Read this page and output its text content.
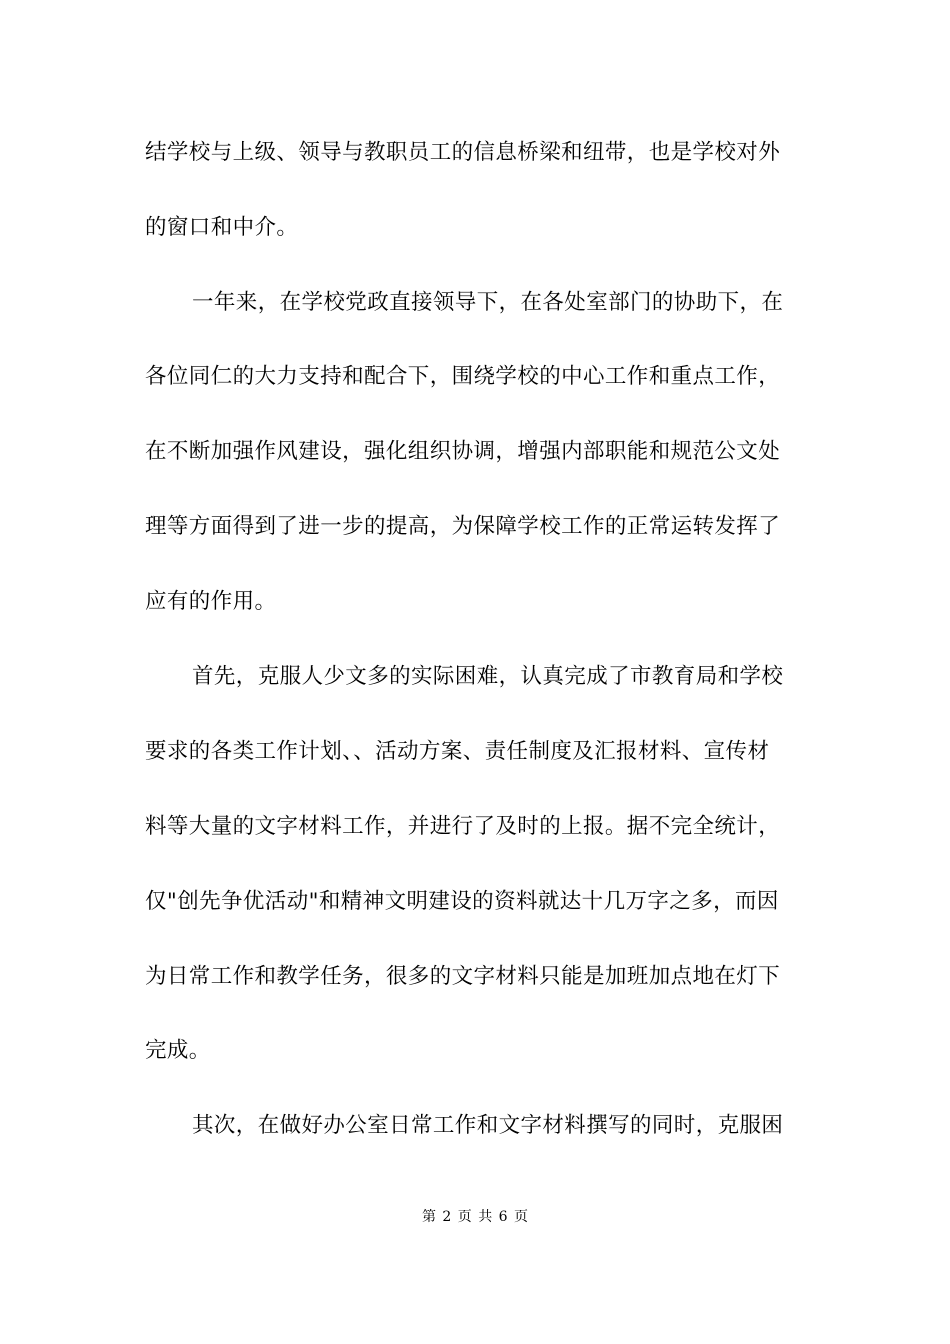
结学校与上级、领导与教职员工的信息桥梁和纽带，也是学校对外
的窗口和中介。
一年来，在学校党政直接领导下，在各处室部门的协助下，在
各位同仁的大力支持和配合下，围绕学校的中心工作和重点工作，
在不断加强作风建设，强化组织协调，增强内部职能和规范公文处
理等方面得到了进一步的提高，为保障学校工作的正常运转发挥了
应有的作用。
首先，克服人少文多的实际困难，认真完成了市教育局和学校
要求的各类工作计划、、活动方案、责任制度及汇报材料、宣传材
料等大量的文字材料工作，并进行了及时的上报。据不完全统计，
仅"创先争优活动"和精神文明建设的资料就达十几万字之多，而因
为日常工作和教学任务，很多的文字材料只能是加班加点地在灯下
完成。
其次，在做好办公室日常工作和文字材料撰写的同时，克服困
第 2 页 共 6 页
